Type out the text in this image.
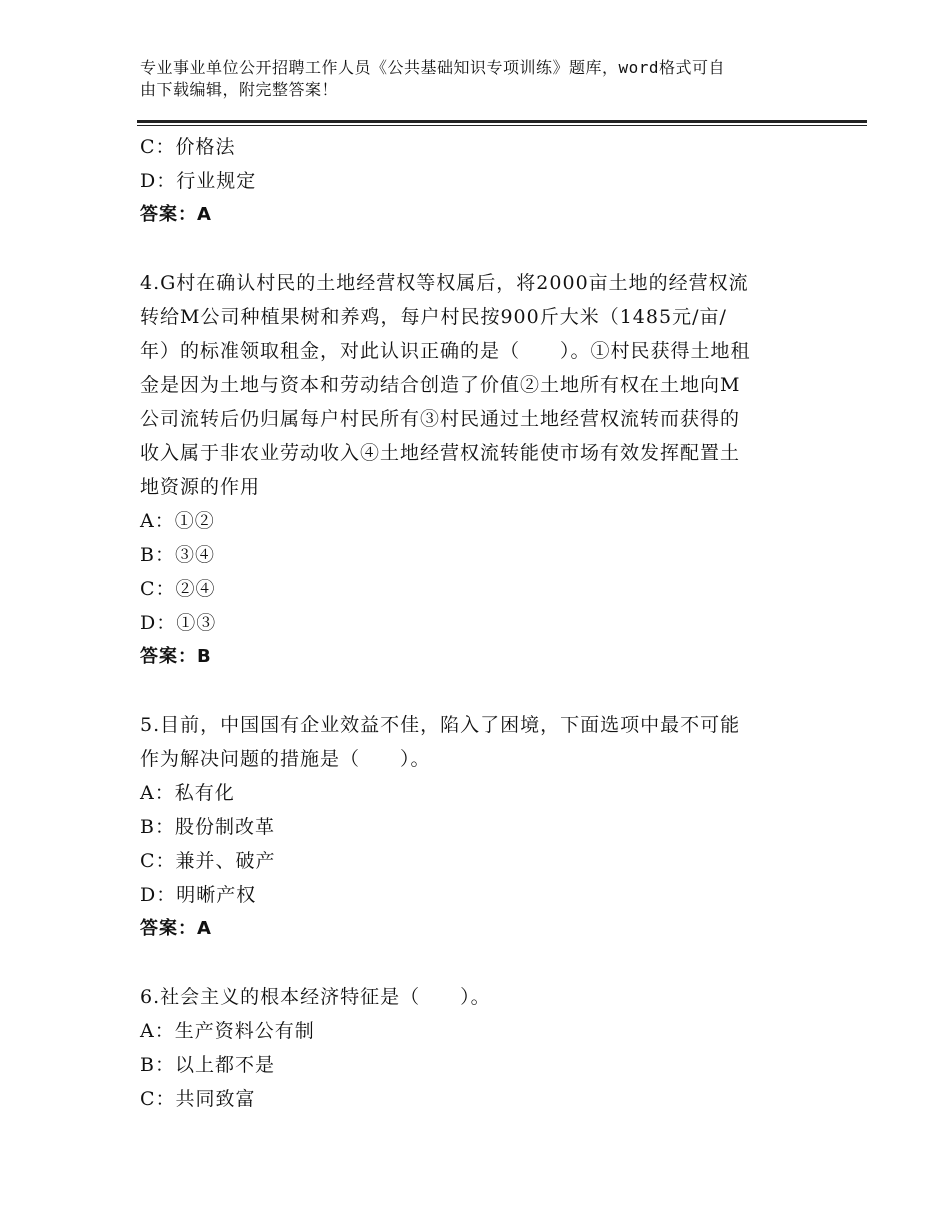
专业事业单位公开招聘工作人员《公共基础知识专项训练》题库，word格式可自
由下载编辑，附完整答案！
C：价格法
D：行业规定
答案：A
4.G村在确认村民的土地经营权等权属后，将2000亩土地的经营权流
转给M公司种植果树和养鸡，每户村民按900斤大米（1485元/亩/
年）的标准领取租金，对此认识正确的是（　　）。①村民获得土地租
金是因为土地与资本和劳动结合创造了价值②土地所有权在土地向M
公司流转后仍归属每户村民所有③村民通过土地经营权流转而获得的
收入属于非农业劳动收入④土地经营权流转能使市场有效发挥配置土
地资源的作用
A：①②
B：③④
C：②④
D：①③
答案：B
5.目前，中国国有企业效益不佳，陷入了困境，下面选项中最不可能
作为解决问题的措施是（　　）。
A：私有化
B：股份制改革
C：兼并、破产
D：明晰产权
答案：A
6.社会主义的根本经济特征是（　　）。
A：生产资料公有制
B：以上都不是
C：共同致富
